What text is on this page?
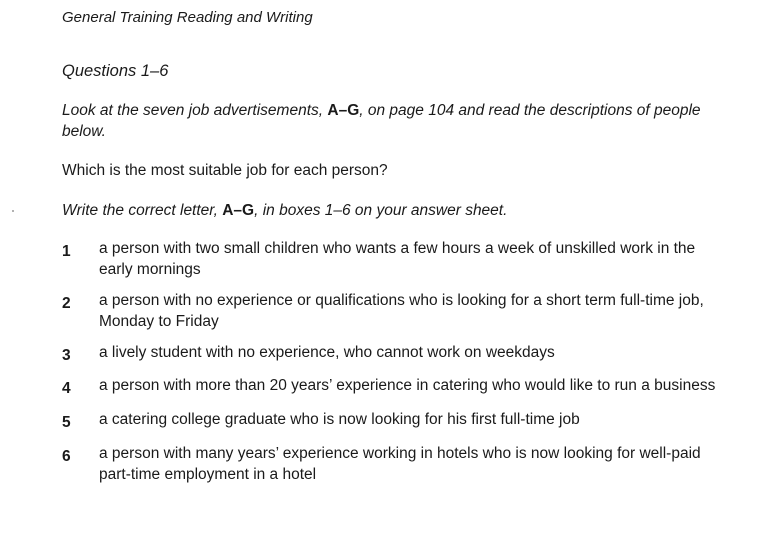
General Training Reading and Writing
Questions 1–6
Look at the seven job advertisements, A–G, on page 104 and read the descriptions of people below.
Which is the most suitable job for each person?
Write the correct letter, A–G, in boxes 1–6 on your answer sheet.
1	a person with two small children who wants a few hours a week of unskilled work in the early mornings
2	a person with no experience or qualifications who is looking for a short term full-time job, Monday to Friday
3	a lively student with no experience, who cannot work on weekdays
4	a person with more than 20 years’ experience in catering who would like to run a business
5	a catering college graduate who is now looking for his first full-time job
6	a person with many years’ experience working in hotels who is now looking for well-paid part-time employment in a hotel
